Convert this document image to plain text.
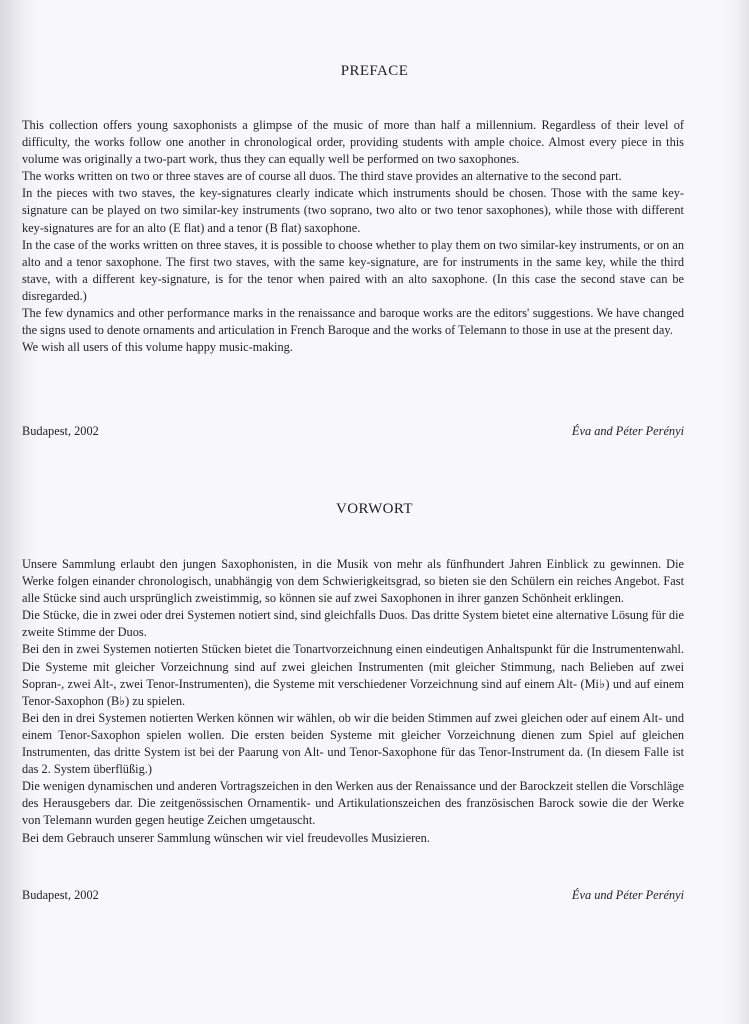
PREFACE

This collection offers young saxophonists a glimpse of the music of more than half a millennium. Regardless of their level of difficulty, the works follow one another in chronological order, providing students with ample choice. Almost every piece in this volume was originally a two-part work, thus they can equally well be performed on two saxophones.

The works written on two or three staves are of course all duos. The third stave provides an alternative to the second part.

In the pieces with two staves, the key-signatures clearly indicate which instruments should be chosen. Those with the same key-signature can be played on two similar-key instruments (two soprano, two alto or two tenor saxophones), while those with different key-signatures are for an alto (E flat) and a tenor (B flat) saxophone.

In the case of the works written on three staves, it is possible to choose whether to play them on two similar-key instruments, or on an alto and a tenor saxophone. The first two staves, with the same key-signature, are for instruments in the same key, while the third stave, with a different key-signature, is for the tenor when paired with an alto saxophone. (In this case the second stave can be disregarded.)

The few dynamics and other performance marks in the renaissance and baroque works are the editors' suggestions. We have changed the signs used to denote ornaments and articulation in French Baroque and the works of Telemann to those in use at the present day.

We wish all users of this volume happy music-making.

Budapest, 2002	Éva and Péter Perényi
VORWORT

Unsere Sammlung erlaubt den jungen Saxophonisten, in die Musik von mehr als fünfhundert Jahren Einblick zu gewinnen. Die Werke folgen einander chronologisch, unabhängig von dem Schwierigkeitsgrad, so bieten sie den Schülern ein reiches Angebot. Fast alle Stücke sind auch ursprünglich zweistimmig, so können sie auf zwei Saxophonen in ihrer ganzen Schönheit erklingen.

Die Stücke, die in zwei oder drei Systemen notiert sind, sind gleichfalls Duos. Das dritte System bietet eine alternative Lösung für die zweite Stimme der Duos.

Bei den in zwei Systemen notierten Stücken bietet die Tonartvorzeichnung einen eindeutigen Anhaltspunkt für die Instrumentenwahl. Die Systeme mit gleicher Vorzeichnung sind auf zwei gleichen Instrumenten (mit gleicher Stimmung, nach Belieben auf zwei Sopran-, zwei Alt-, zwei Tenor-Instrumenten), die Systeme mit verschiedener Vorzeichnung sind auf einem Alt- (Mi♭) und auf einem Tenor-Saxophon (B♭) zu spielen.

Bei den in drei Systemen notierten Werken können wir wählen, ob wir die beiden Stimmen auf zwei gleichen oder auf einem Alt- und einem Tenor-Saxophon spielen wollen. Die ersten beiden Systeme mit gleicher Vorzeichnung dienen zum Spiel auf gleichen Instrumenten, das dritte System ist bei der Paarung von Alt- und Tenor-Saxophone für das Tenor-Instrument da. (In diesem Falle ist das 2. System überflüßig.)

Die wenigen dynamischen und anderen Vortragszeichen in den Werken aus der Renaissance und der Barockzeit stellen die Vorschläge des Herausgebers dar. Die zeitgenössischen Ornamentik- und Artikulationszeichen des französischen Barock sowie die der Werke von Telemann wurden gegen heutige Zeichen umgetauscht.

Bei dem Gebrauch unserer Sammlung wünschen wir viel freudevolles Musizieren.

Budapest, 2002	Éva und Péter Perényi
